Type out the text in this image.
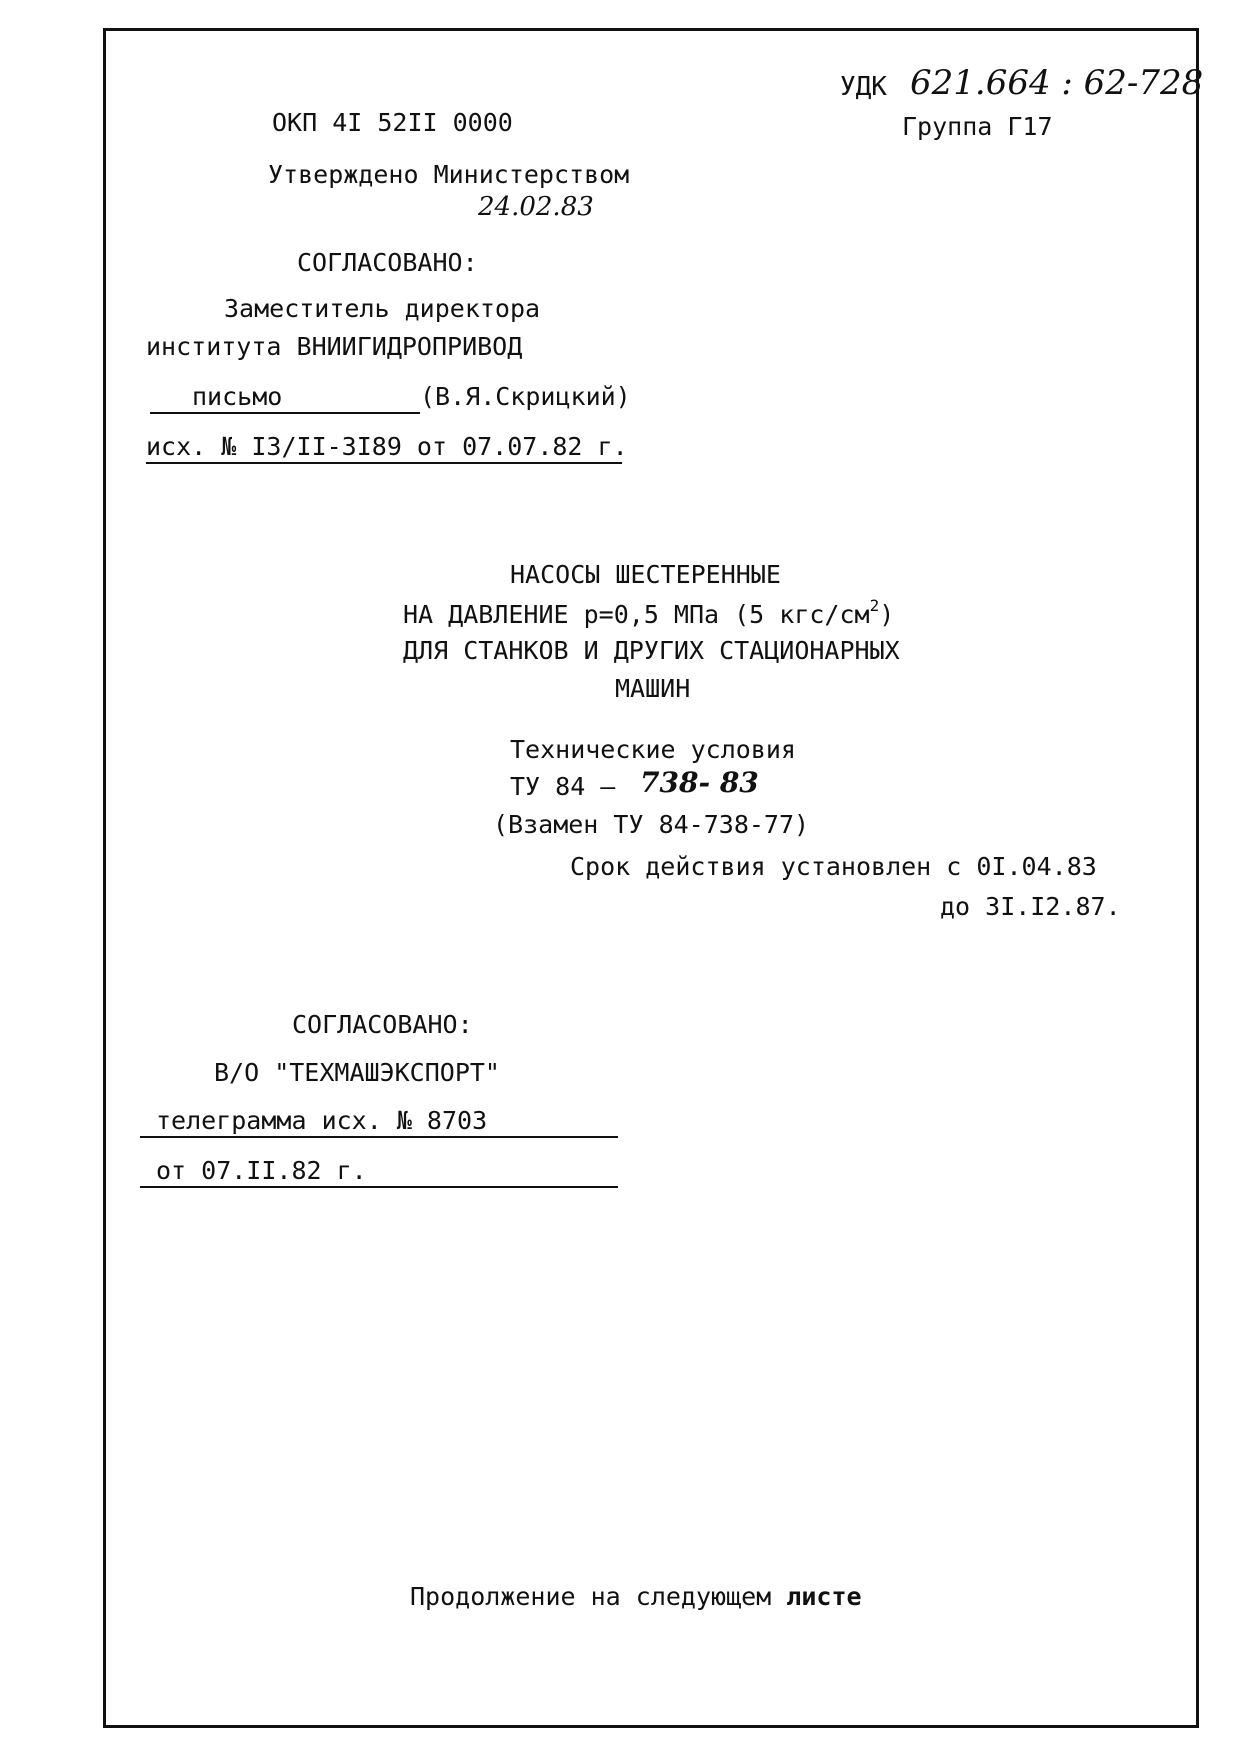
ОКП 4I 52II 0000
УДК 621.664 : 62-728
Группа Г17
Утверждено Министерством
24.02.83
СОГЛАСОВАНО:
Заместитель директора
института ВНИИГИДРОПРИВОД
письмо	(В.Я.Скрицкий)
исх. № I3/II-3I89 от 07.07.82 г.
НАСОСЫ ШЕСТЕРЕННЫЕ
НА ДАВЛЕНИЕ р=0,5 МПа (5 кгс/$см^2$)
ДЛЯ СТАНКОВ И ДРУГИХ СТАЦИОНАРНЫХ
МАШИН
Технические условия
ТУ 84 – 738- 83
(Взамен ТУ 84-738-77)
Срок действия установлен с 0I.04.83
до 3I.I2.87.
СОГЛАСОВАНО:
В/О "ТЕХМАШЭКСПОРТ"
телеграмма исх. № 8703
от 07.II.82 г.
Продолжение на следующем листе
